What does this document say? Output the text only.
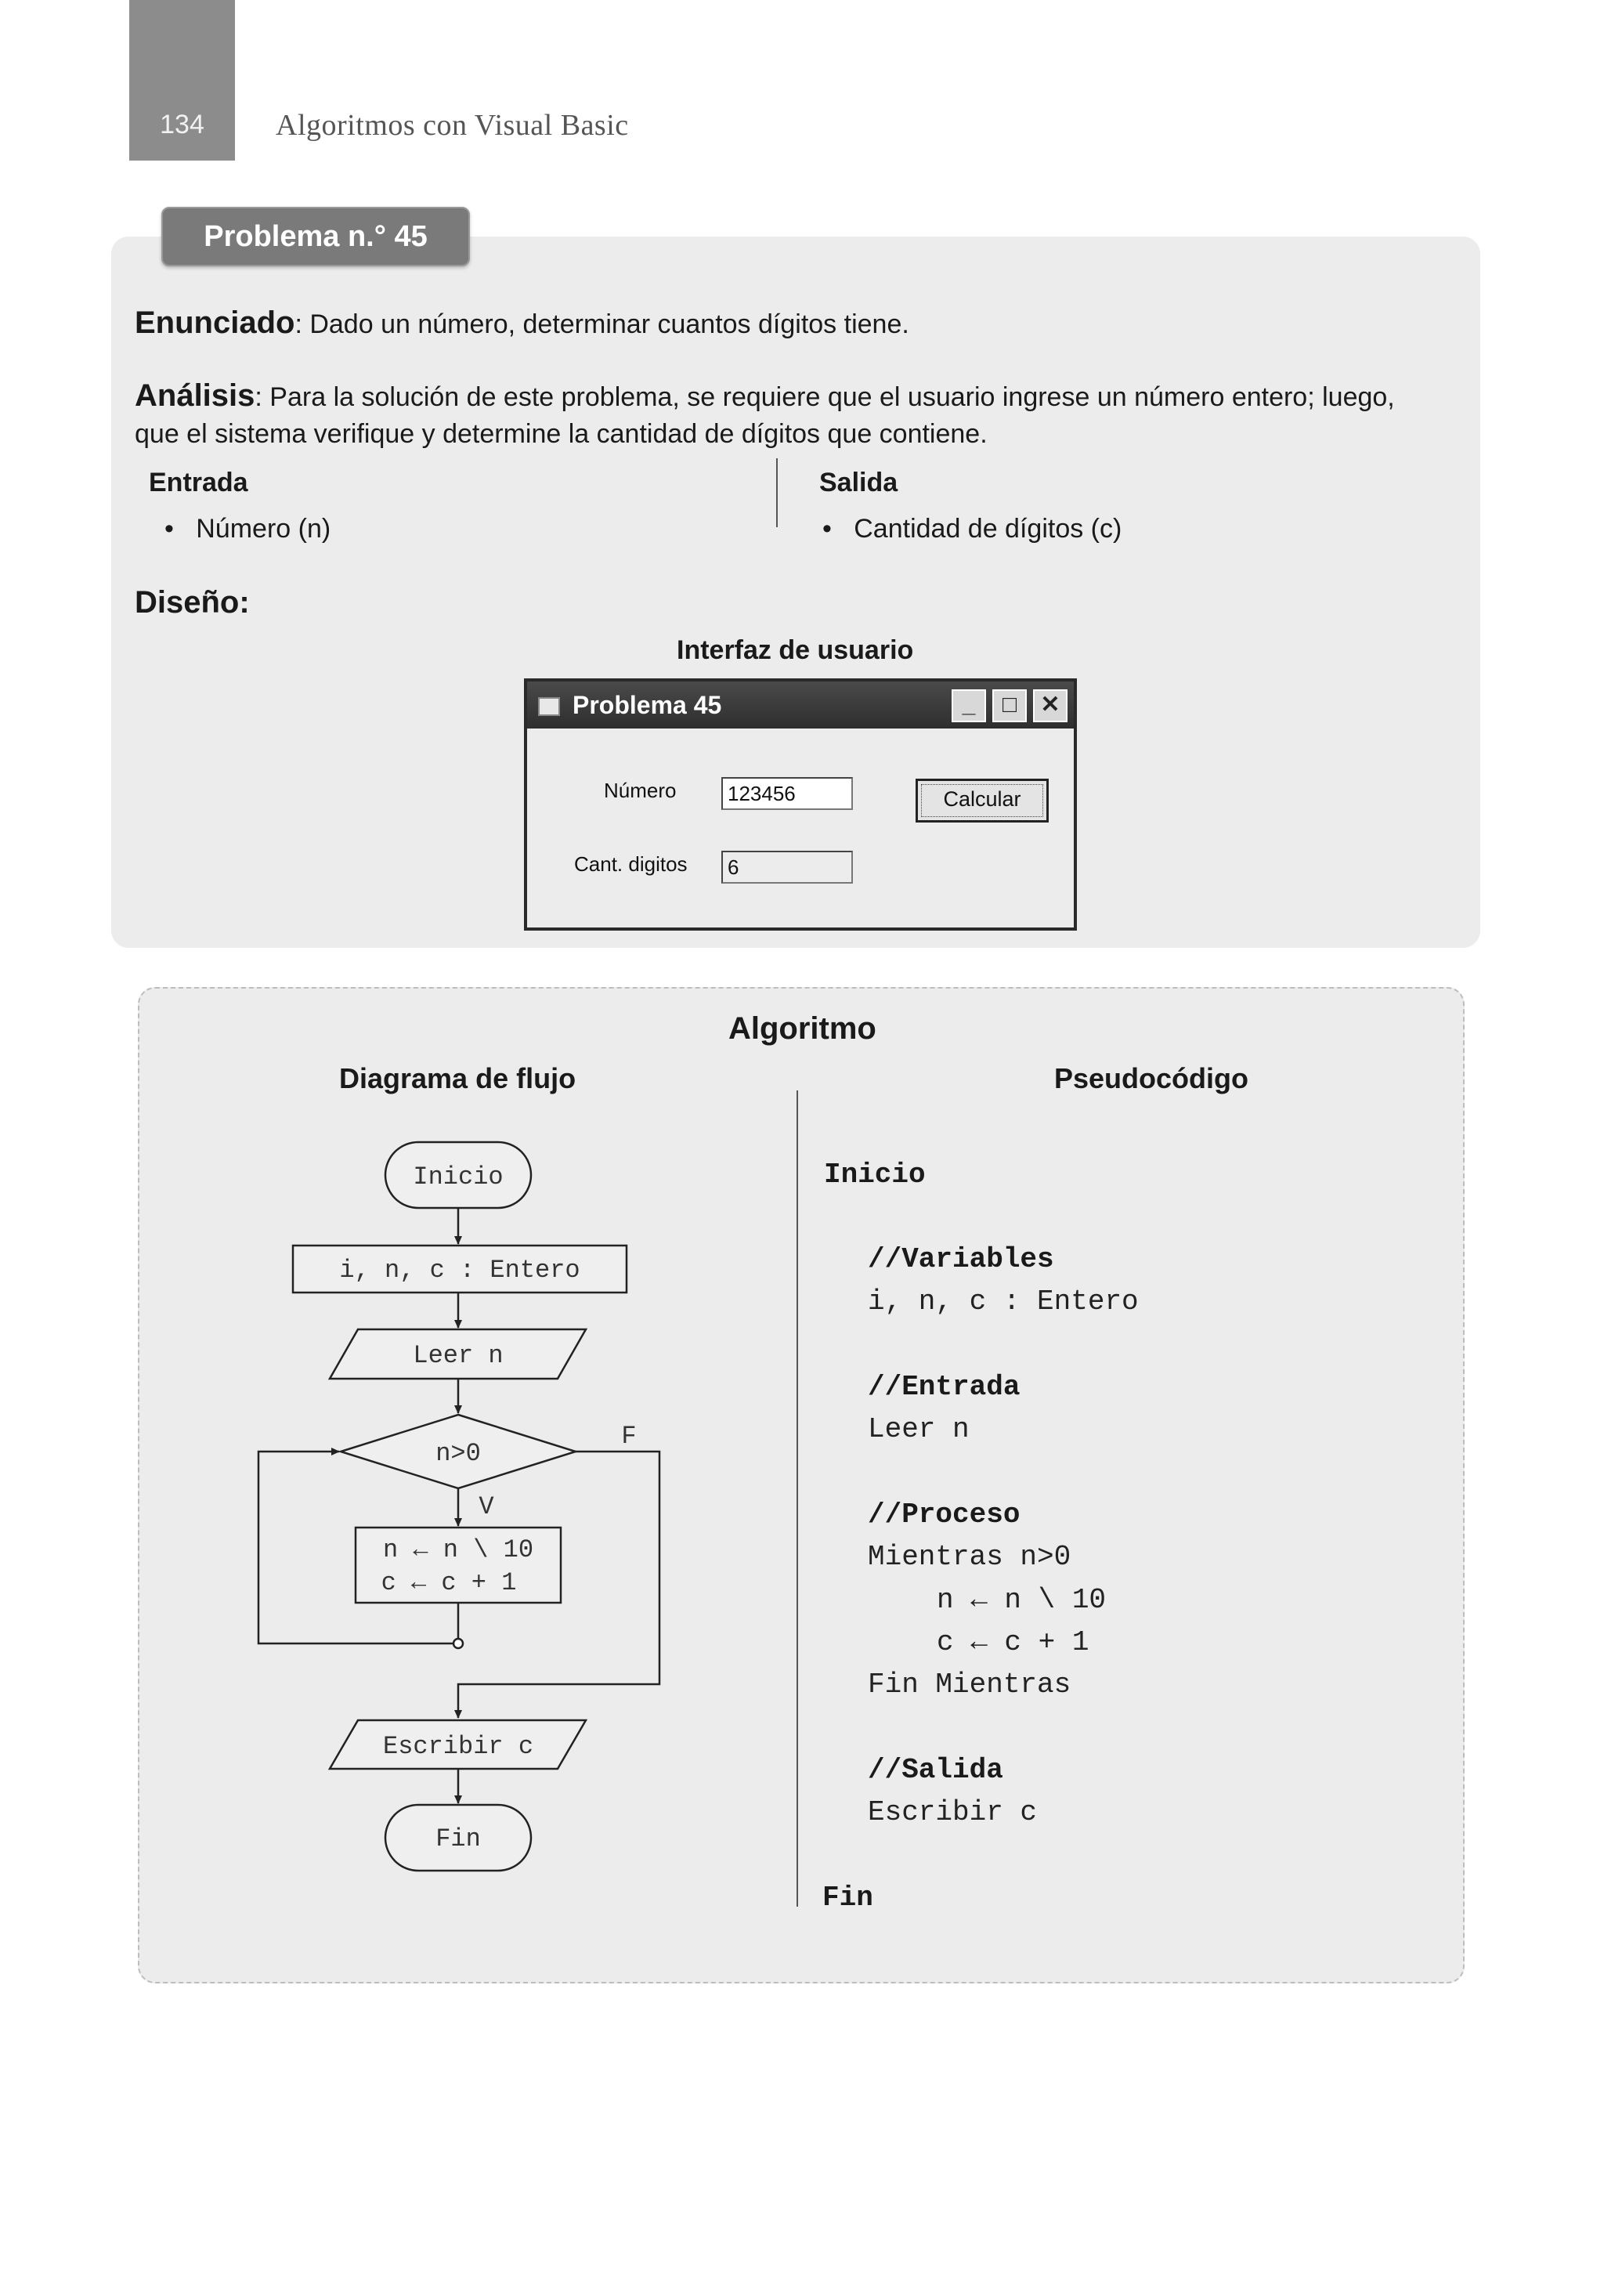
134	Algoritmos con Visual Basic
Problema n.° 45
Enunciado: Dado un número, determinar cuantos dígitos tiene.
Análisis: Para la solución de este problema, se requiere que el usuario ingrese un número entero; luego,
que el sistema verifique y determine la cantidad de dígitos que contiene.
Entrada
•   Número (n)
Salida
•   Cantidad de dígitos (c)
Diseño:
Interfaz de usuario
Problema 45	_	□	✕
Número	123456	Calcular
Cant. digitos	6
Algoritmo
Diagrama de flujo	Pseudocódigo
Inicio
i, n, c : Entero
Leer n
n>0
F
V
n ← n \ 10
c ← c + 1
Escribir c
Fin
Inicio
//Variables
i, n, c : Entero
//Entrada
Leer n
//Proceso
Mientras n>0
n ← n \ 10
c ← c + 1
Fin Mientras
//Salida
Escribir c
Fin
